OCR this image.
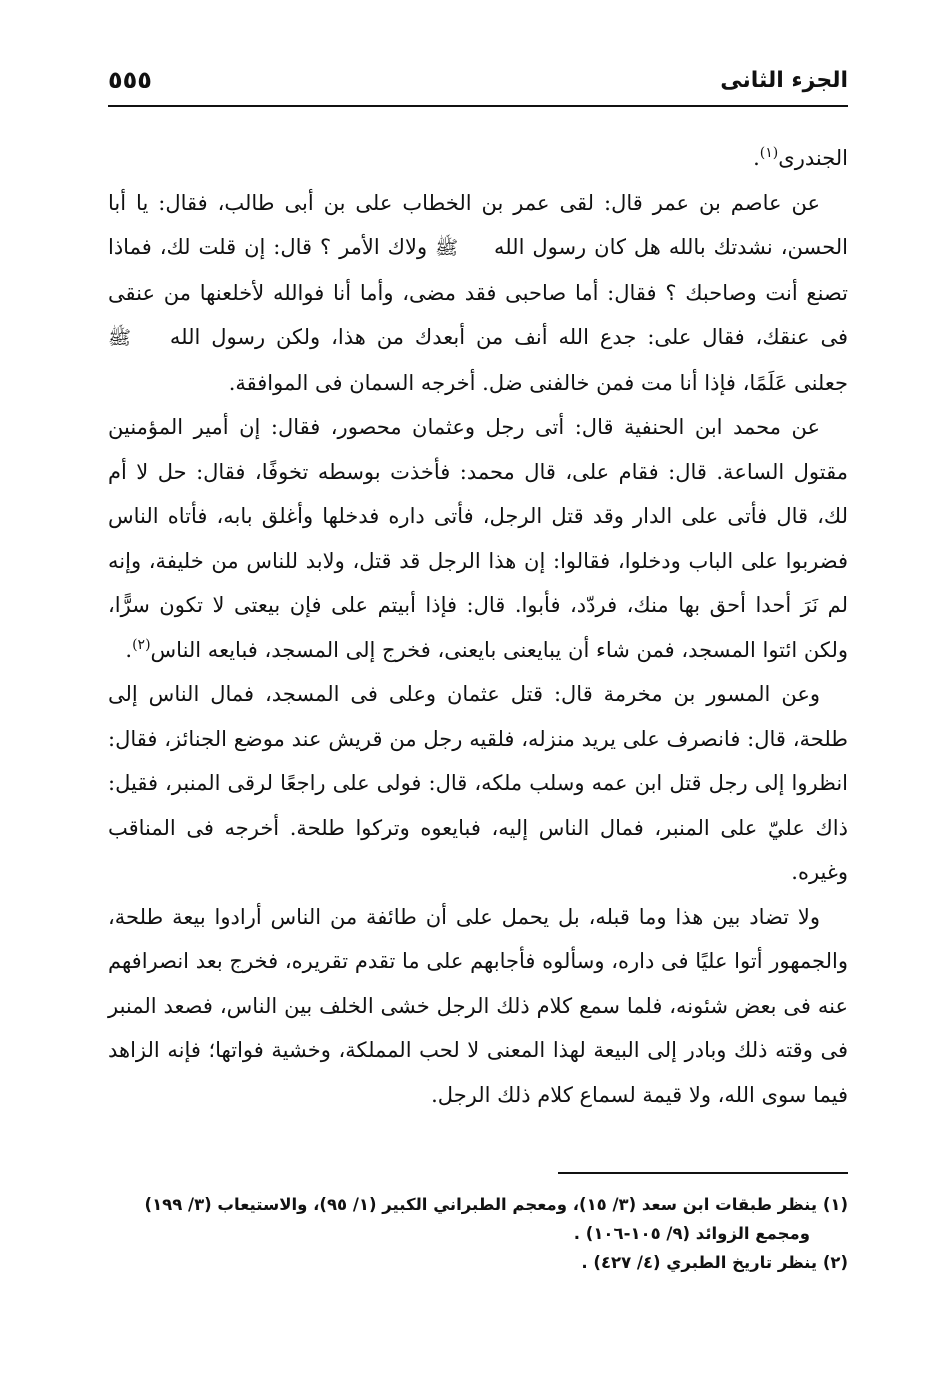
الجزء الثانى
٥٥٥

الجندرى$^{(١)}$.

عن عاصم بن عمر قال: لقى عمر بن الخطاب على بن أبى طالب، فقال: يا أبا الحسن، نشدتك بالله هل كان رسول الله ﷺ ولاك الأمر ؟ قال: إن قلت لك، فماذا تصنع أنت وصاحبك ؟ فقال: أما صاحبى فقد مضى، وأما أنا فوالله لأخلعنها من عنقى فى عنقك، فقال على: جدع الله أنف من أبعدك من هذا، ولكن رسول الله ﷺ جعلنى عَلَمًا، فإذا أنا مت فمن خالفنى ضل. أخرجه السمان فى الموافقة.

عن محمد ابن الحنفية قال: أتى رجل وعثمان محصور، فقال: إن أمير المؤمنين مقتول الساعة. قال: فقام على، قال محمد: فأخذت بوسطه تخوفًا، فقال: حل لا أم لك، قال فأتى على الدار وقد قتل الرجل، فأتى داره فدخلها وأغلق بابه، فأتاه الناس فضربوا على الباب ودخلوا، فقالوا: إن هذا الرجل قد قتل، ولابد للناس من خليفة، وإنه لم نَرَ أحدا أحق بها منك، فردّد، فأبوا. قال: فإذا أبيتم على فإن بيعتى لا تكون سرًّا، ولكن ائتوا المسجد، فمن شاء أن يبايعنى بايعنى، فخرج إلى المسجد، فبايعه الناس$^{(٢)}$.

وعن المسور بن مخرمة قال: قتل عثمان وعلى فى المسجد، فمال الناس إلى طلحة، قال: فانصرف على يريد منزله، فلقيه رجل من قريش عند موضع الجنائز، فقال: انظروا إلى رجل قتل ابن عمه وسلب ملكه، قال: فولى على راجعًا لرقى المنبر، فقيل: ذاك عليّ على المنبر، فمال الناس إليه، فبايعوه وتركوا طلحة. أخرجه فى المناقب وغيره.

ولا تضاد بين هذا وما قبله، بل يحمل على أن طائفة من الناس أرادوا بيعة طلحة، والجمهور أتوا عليًا فى داره، وسألوه فأجابهم على ما تقدم تقريره، فخرج بعد انصرافهم عنه فى بعض شئونه، فلما سمع كلام ذلك الرجل خشى الخلف بين الناس، فصعد المنبر فى وقته ذلك وبادر إلى البيعة لهذا المعنى لا لحب المملكة، وخشية فواتها؛ فإنه الزاهد فيما سوى الله، ولا قيمة لسماع كلام ذلك الرجل.

(١) ينظر طبقات ابن سعد (٣/ ١٥)، ومعجم الطبراني الكبير (١/ ٩٥)، والاستيعاب (٣/ ١٩٩)

ومجمع الزوائد (٩/ ١٠٥-١٠٦) .

(٢) ينظر تاريخ الطبري (٤/ ٤٢٧) .
